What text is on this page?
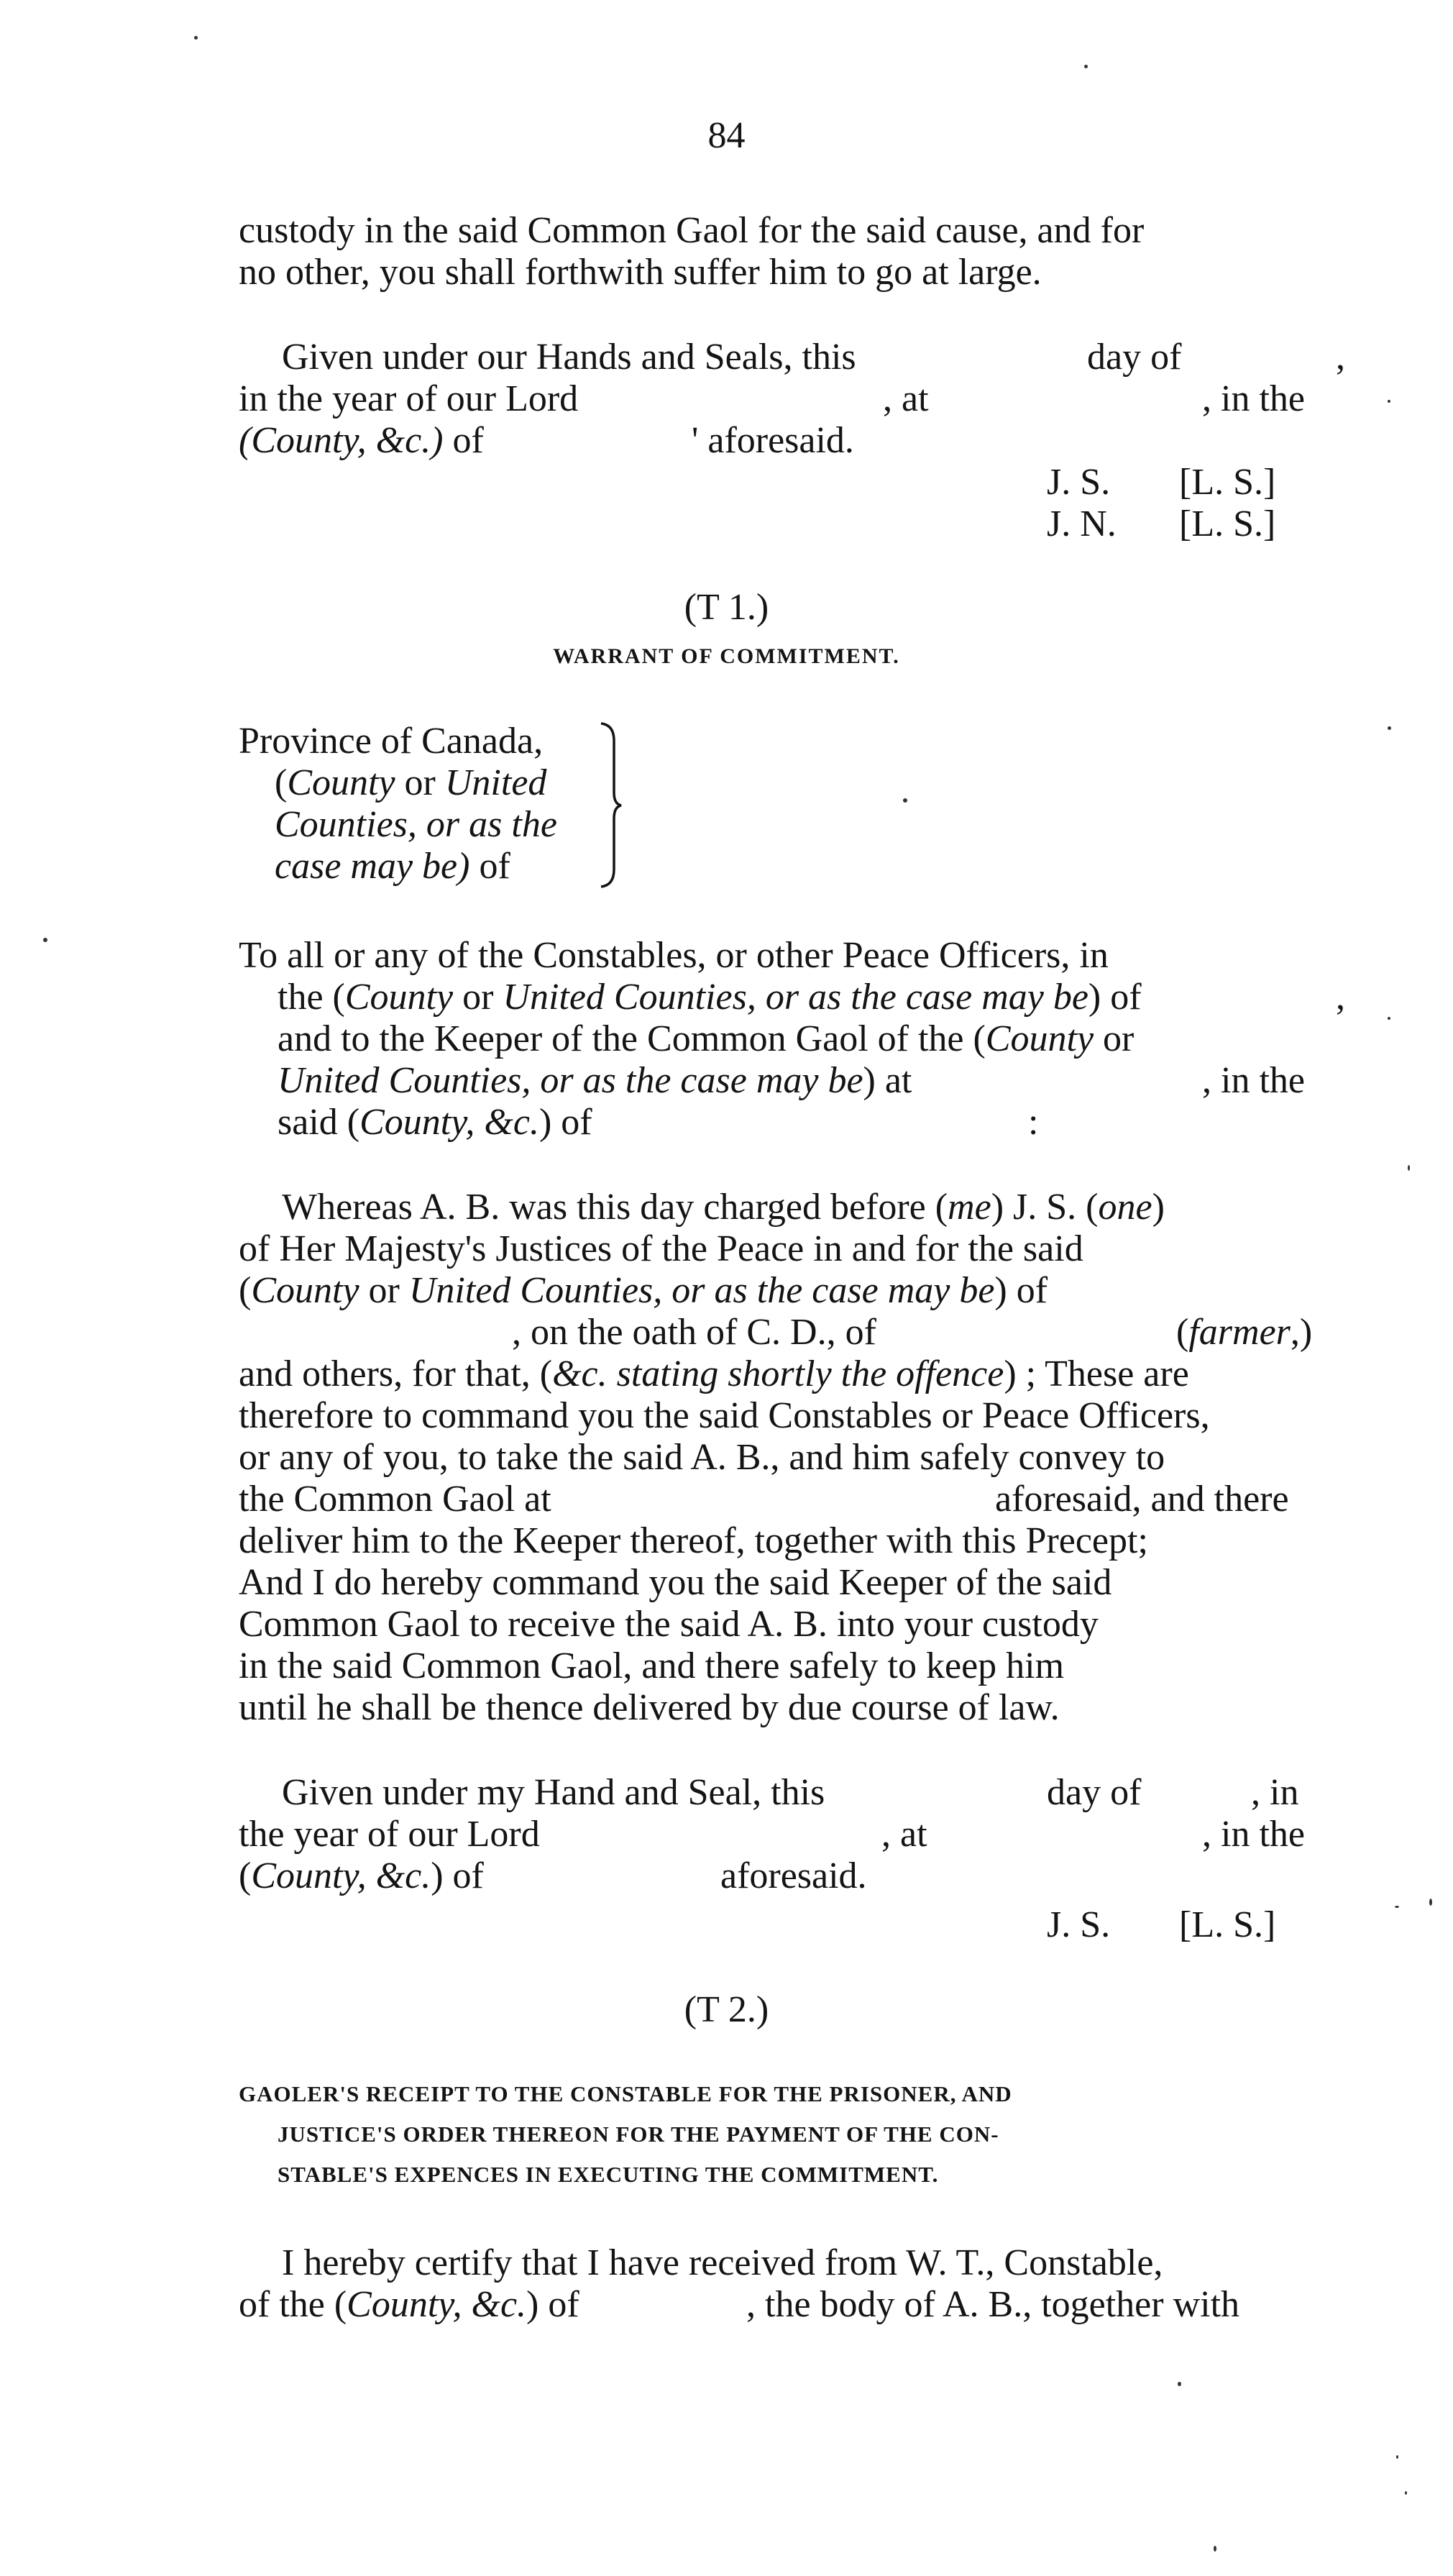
84
custody in the said Common Gaol for the said cause, and for
no other, you shall forthwith suffer him to go at large.
Given under our Hands and Seals, this	day of	,
in the year of our Lord	, at	, in the
(County, &c.) of	' aforesaid.
J. S. [L. S.]
J. N. [L. S.]
(T 1.)
WARRANT OF COMMITMENT.
Province of Canada,
(County or United
Counties, or as the
case may be) of
To all or any of the Constables, or other Peace Officers, in
the (County or United Counties, or as the case may be) of	,
and to the Keeper of the Common Gaol of the (County or
United Counties, or as the case may be) at	, in the
said (County, &c.) of	:
Whereas A. B. was this day charged before (me) J. S. (one)
of Her Majesty's Justices of the Peace in and for the said
(County or United Counties, or as the case may be) of
, on the oath of C. D., of	(farmer,)
and others, for that, (&c. stating shortly the offence) ; These are
therefore to command you the said Constables or Peace Officers,
or any of you, to take the said A. B., and him safely convey to
the Common Gaol at	aforesaid, and there
deliver him to the Keeper thereof, together with this Precept;
And I do hereby command you the said Keeper of the said
Common Gaol to receive the said A. B. into your custody
in the said Common Gaol, and there safely to keep him
until he shall be thence delivered by due course of law.
Given under my Hand and Seal, this	day of	, in
the year of our Lord	, at	, in the
(County, &c.) of	aforesaid.
J. S. [L. S.]
(T 2.)
GAOLER'S RECEIPT TO THE CONSTABLE FOR THE PRISONER, AND
JUSTICE'S ORDER THEREON FOR THE PAYMENT OF THE CON-
STABLE'S EXPENCES IN EXECUTING THE COMMITMENT.
I hereby certify that I have received from W. T., Constable,
of the (County, &c.) of	, the body of A. B., together with
